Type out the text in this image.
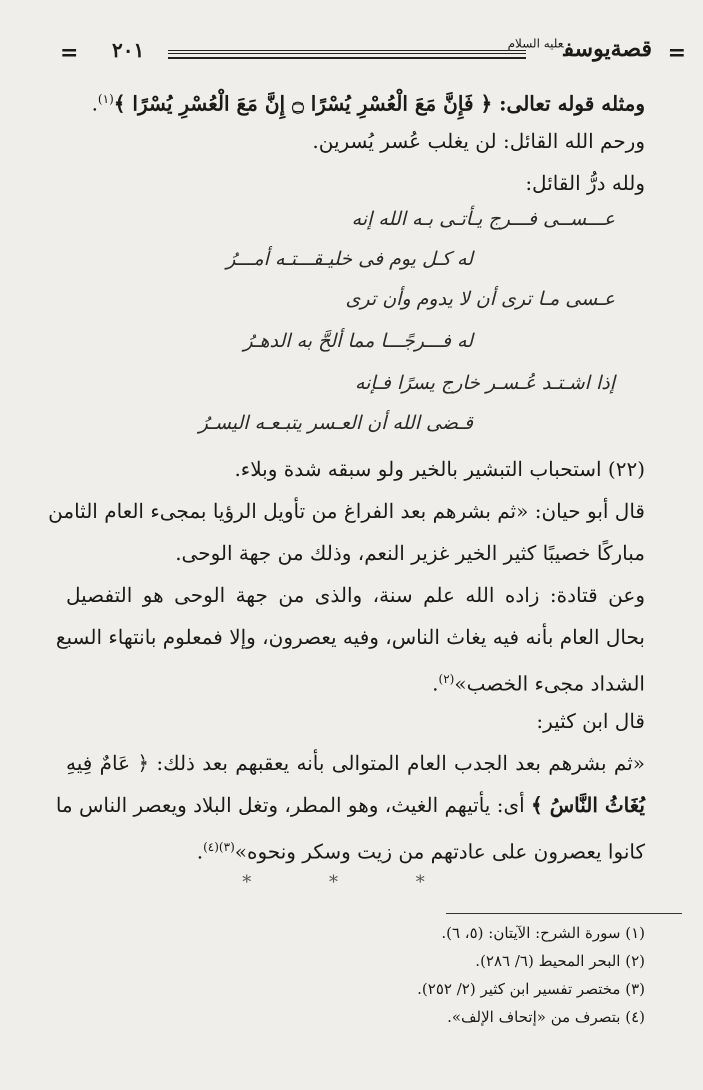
=
قصةيوسف$^{عليه السلام}$
٢٠١
=
ومثله قوله تعالى: ﴿ فَإِنَّ مَعَ الْعُسْرِ يُسْرًا ۝ إِنَّ مَعَ الْعُسْرِ يُسْرًا ﴾$^{(١)}$.
ورحم الله القائل: لن يغلب عُسر يُسرين.
ولله درُّ القائل:
عـــســى فـــرج يـأتـى بـه الله إنه
له كـل يوم فى خليـقـــتـه أمـــرُ
عـسى مـا ترى أن لا يدوم وأن ترى
له فـــرجًـــا مما ألحَّ به الدهـرُ
إذا اشـتـد عُـسـر خارج يسرًا فـإنه
قـضى الله أن العـسر يتبـعـه اليسـرُ
(٢٢) استحباب التبشير بالخير ولو سبقه شدة وبلاء.
قال أبو حيان: «ثم بشرهم بعد الفراغ من تأويل الرؤيا بمجىء العام الثامن
مباركًا خصيبًا كثير الخير غزير النعم، وذلك من جهة الوحى.
وعن قتادة: زاده الله علم سنة، والذى من جهة الوحى هو التفصيل
بحال العام بأنه فيه يغاث الناس، وفيه يعصرون، وإلا فمعلوم بانتهاء السبع
الشداد مجىء الخصب»$^{(٢)}$.
قال ابن كثير:
«ثم بشرهم بعد الجدب العام المتوالى بأنه يعقبهم بعد ذلك: ﴿ عَامٌ فِيهِ
يُغَاثُ النَّاسُ ﴾ أى: يأتيهم الغيث، وهو المطر، وتغل البلاد ويعصر الناس ما
كانوا يعصرون على عادتهم من زيت وسكر ونحوه»$^{(٣)(٤)}$.
* * *
(١) سورة الشرح: الآيتان: (٥، ٦).
(٢) البحر المحيط (٦/ ٢٨٦).
(٣) مختصر تفسير ابن كثير (٢/ ٢٥٢).
(٤) بتصرف من «إتحاف الإلف».
